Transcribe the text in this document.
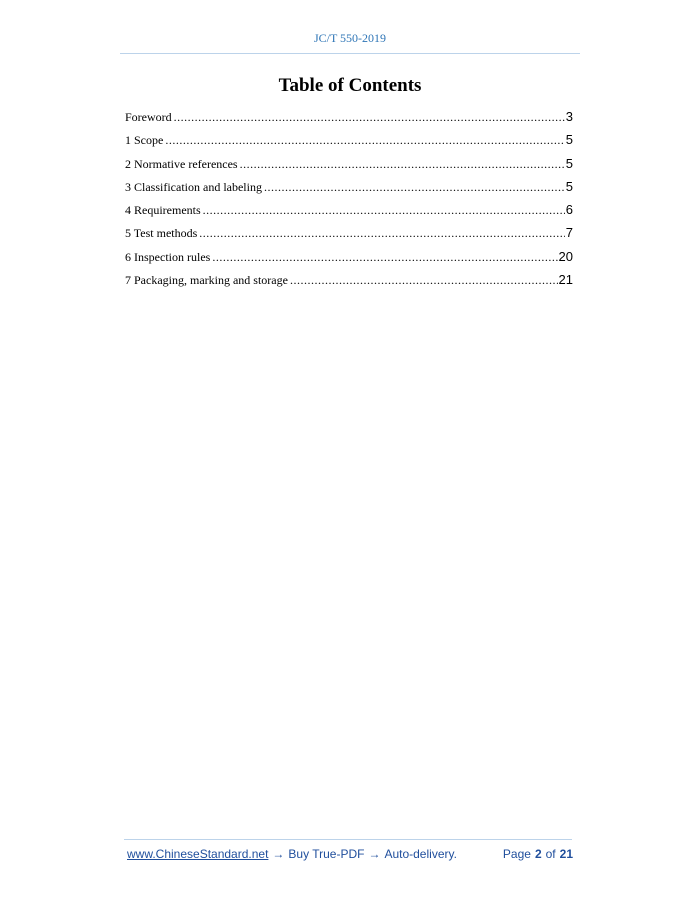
JC/T 550-2019
Table of Contents
Foreword .....	3
1 Scope .....	5
2 Normative references .....	5
3 Classification and labeling .....	5
4 Requirements .....	6
5 Test methods .....	7
6 Inspection rules .....	20
7 Packaging, marking and storage .....	21
www.ChineseStandard.net → Buy True-PDF → Auto-delivery.	Page 2 of 21
